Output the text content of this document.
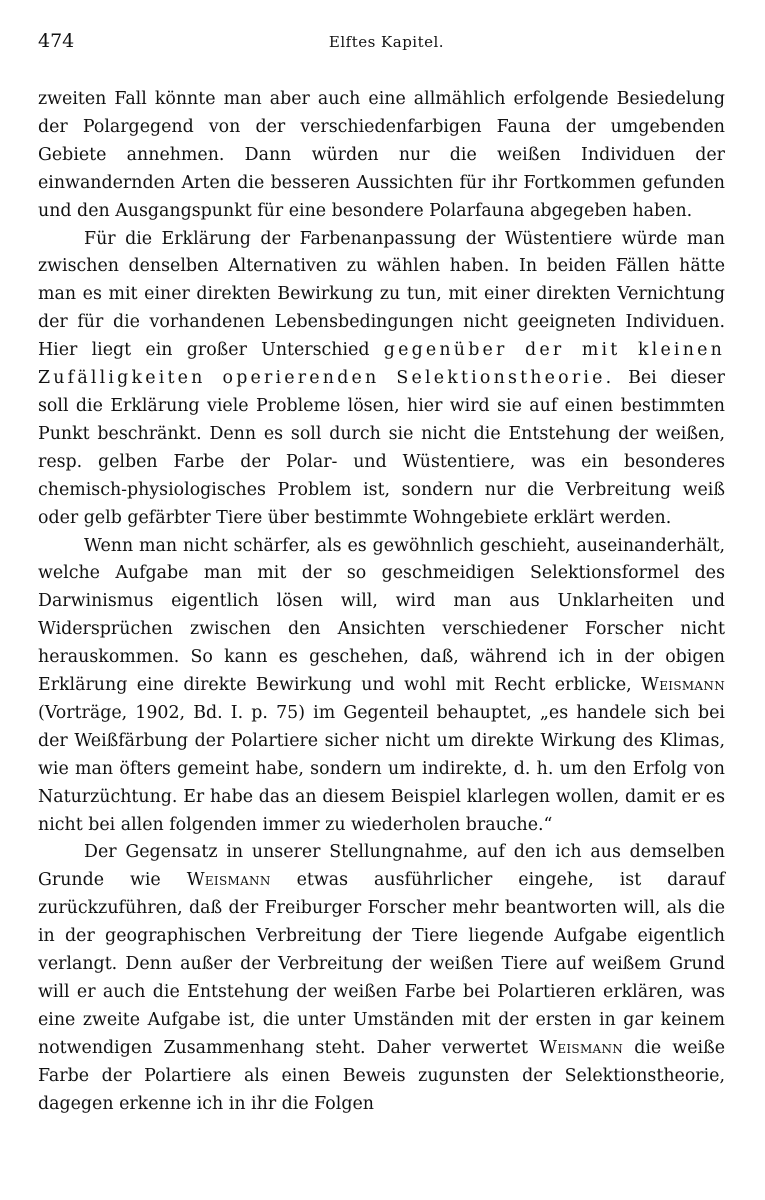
474	Elftes Kapitel.

zweiten Fall könnte man aber auch eine allmählich erfolgende Besiedelung der Polargegend von der verschiedenfarbigen Fauna der umgebenden Gebiete annehmen. Dann würden nur die weißen Individuen der einwandernden Arten die besseren Aussichten für ihr Fortkommen gefunden und den Ausgangspunkt für eine besondere Polarfauna abgegeben haben.

Für die Erklärung der Farbenanpassung der Wüstentiere würde man zwischen denselben Alternativen zu wählen haben. In beiden Fällen hätte man es mit einer direkten Bewirkung zu tun, mit einer direkten Vernichtung der für die vorhandenen Lebensbedingungen nicht geeigneten Individuen. Hier liegt ein großer Unterschied gegenüber der mit kleinen Zufälligkeiten operierenden Selektionstheorie. Bei dieser soll die Erklärung viele Probleme lösen, hier wird sie auf einen bestimmten Punkt beschränkt. Denn es soll durch sie nicht die Entstehung der weißen, resp. gelben Farbe der Polar- und Wüstentiere, was ein besonderes chemisch-physiologisches Problem ist, sondern nur die Verbreitung weiß oder gelb gefärbter Tiere über bestimmte Wohngebiete erklärt werden.

Wenn man nicht schärfer, als es gewöhnlich geschieht, auseinanderhält, welche Aufgabe man mit der so geschmeidigen Selektionsformel des Darwinismus eigentlich lösen will, wird man aus Unklarheiten und Widersprüchen zwischen den Ansichten verschiedener Forscher nicht herauskommen. So kann es geschehen, daß, während ich in der obigen Erklärung eine direkte Bewirkung und wohl mit Recht erblicke, Weismann (Vorträge, 1902, Bd. I. p. 75) im Gegenteil behauptet, „es handele sich bei der Weißfärbung der Polartiere sicher nicht um direkte Wirkung des Klimas, wie man öfters gemeint habe, sondern um indirekte, d. h. um den Erfolg von Naturzüchtung. Er habe das an diesem Beispiel klarlegen wollen, damit er es nicht bei allen folgenden immer zu wiederholen brauche.“

Der Gegensatz in unserer Stellungnahme, auf den ich aus demselben Grunde wie Weismann etwas ausführlicher eingehe, ist darauf zurückzuführen, daß der Freiburger Forscher mehr beantworten will, als die in der geographischen Verbreitung der Tiere liegende Aufgabe eigentlich verlangt. Denn außer der Verbreitung der weißen Tiere auf weißem Grund will er auch die Entstehung der weißen Farbe bei Polartieren erklären, was eine zweite Aufgabe ist, die unter Umständen mit der ersten in gar keinem notwendigen Zusammenhang steht. Daher verwertet Weismann die weiße Farbe der Polartiere als einen Beweis zugunsten der Selektionstheorie, dagegen erkenne ich in ihr die Folgen
